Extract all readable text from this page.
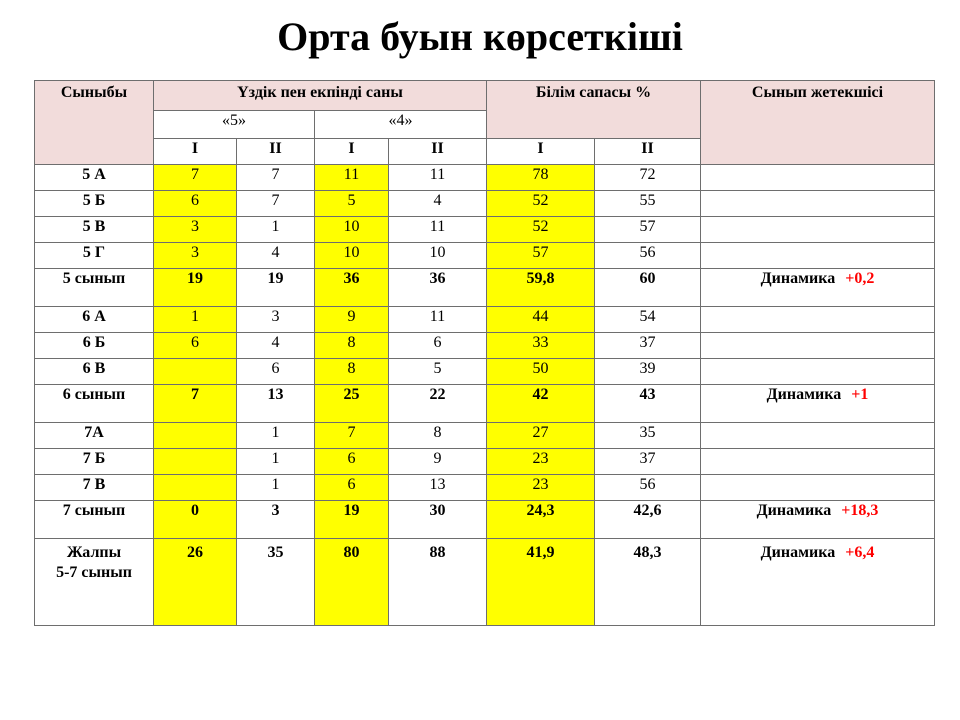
Орта буын көрсеткіші
Сыныбы	Үздік пен екпінді саны				Білім сапасы %		Сынып жетекшісі
	«5»		«4»				
	I	II	I	II	I	II	
5 А	7	7	11	11	78	72	
5 Б	6	7	5	4	52	55	
5 В	3	1	10	11	52	57	
5 Г	3	4	10	10	57	56	
5 сынып	19	19	36	36	59,8	60	Динамика +0,2
6 А	1	3	9	11	44	54	
6 Б	6	4	8	6	33	37	
6 В		6	8	5	50	39	
6 сынып	7	13	25	22	42	43	Динамика +1
7А		1	7	8	27	35	
7 Б		1	6	9	23	37	
7 В		1	6	13	23	56	
7 сынып	0	3	19	30	24,3	42,6	Динамика +18,3

Жалпы
5-7 сынып	26	35	80	88	41,9	48,3	Динамика +6,4
